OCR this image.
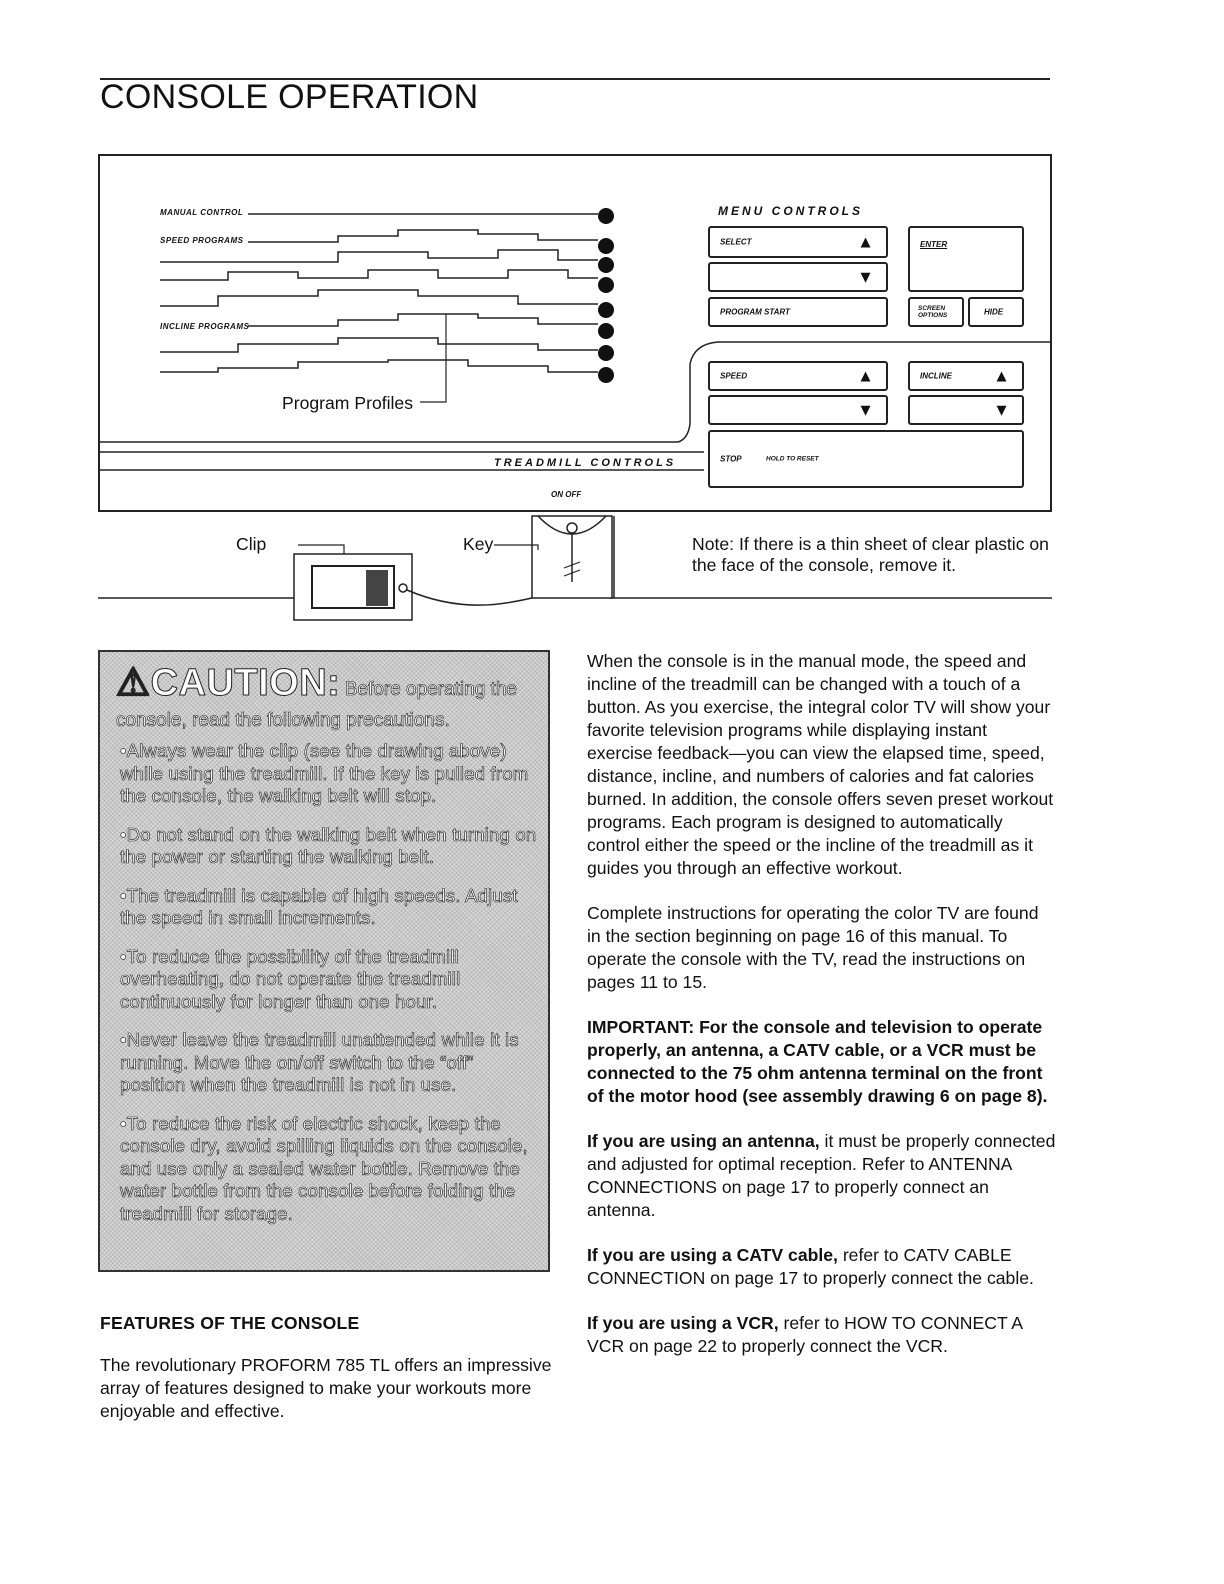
CONSOLE OPERATION
MANUAL CONTROL
SPEED PROGRAMS
INCLINE PROGRAMS
Program Profiles
MENU CONTROLS
TREADMILL CONTROLS
SELECT	▲
▼
ENTER
PROGRAM START	SCREEN OPTIONS	HIDE
SPEED	▲
▼
INCLINE ▲
▼
STOP	HOLD TO RESET
ON OFF
Clip	Key	Note: If there is a thin sheet of clear plastic on the face of the console, remove it.
⚠CAUTION: Before operating the console, read the following precautions.
•Always wear the clip (see the drawing above) while using the treadmill. If the key is pulled from the console, the walking belt will stop.
•Do not stand on the walking belt when turning on the power or starting the walking belt.
•The treadmill is capable of high speeds. Adjust the speed in small increments.
•To reduce the possibility of the treadmill overheating, do not operate the treadmill continuously for longer than one hour.
•Never leave the treadmill unattended while it is running. Move the on/off switch to the “off” position when the treadmill is not in use.
•To reduce the risk of electric shock, keep the console dry, avoid spilling liquids on the console, and use only a sealed water bottle. Remove the water bottle from the console before folding the treadmill for storage.
FEATURES OF THE CONSOLE

The revolutionary PROFORM 785 TL offers an impressive array of features designed to make your workouts more enjoyable and effective.

When the console is in the manual mode, the speed and incline of the treadmill can be changed with a touch of a button. As you exercise, the integral color TV will show your favorite television programs while displaying instant exercise feedback—you can view the elapsed time, speed, distance, incline, and numbers of calories and fat calories burned. In addition, the console offers seven preset workout programs. Each program is designed to automatically control either the speed or the incline of the treadmill as it guides you through an effective workout.

Complete instructions for operating the color TV are found in the section beginning on page 16 of this manual. To operate the console with the TV, read the instructions on pages 11 to 15.

IMPORTANT: For the console and television to operate properly, an antenna, a CATV cable, or a VCR must be connected to the 75 ohm antenna terminal on the front of the motor hood (see assembly drawing 6 on page 8).

If you are using an antenna, it must be properly connected and adjusted for optimal reception. Refer to ANTENNA CONNECTIONS on page 17 to properly connect an antenna.

If you are using a CATV cable, refer to CATV CABLE CONNECTION on page 17 to properly connect the cable.

If you are using a VCR, refer to HOW TO CONNECT A VCR on page 22 to properly connect the VCR.
